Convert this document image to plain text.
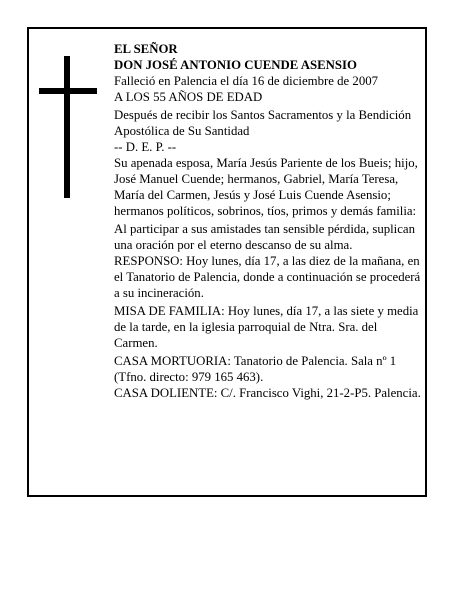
EL SEÑOR

DON JOSÉ ANTONIO CUENDE ASENSIO

Falleció en Palencia el día 16 de diciembre de 2007

A LOS 55 AÑOS DE EDAD

Después de recibir los Santos Sacramentos y la Bendición Apostólica de Su Santidad

-- D. E. P. --

Su apenada esposa, María Jesús Pariente de los Bueis; hijo, José Manuel Cuende; hermanos, Gabriel, María Teresa, María del Carmen, Jesús y José Luis Cuende Asensio; hermanos políticos, sobrinos, tíos, primos y demás familia:

Al participar a sus amistades tan sensible pérdida, suplican una oración por el eterno descanso de su alma.

RESPONSO: Hoy lunes, día 17, a las diez de la mañana, en el Tanatorio de Palencia, donde a continuación se procederá a su incineración.

MISA DE FAMILIA: Hoy lunes, día 17, a las siete y media de la tarde, en la iglesia parroquial de Ntra. Sra. del Carmen.

CASA MORTUORIA: Tanatorio de Palencia. Sala nº 1 (Tfno. directo: 979 165 463).

CASA DOLIENTE: C/. Francisco Vighi, 21-2-P5. Palencia.
